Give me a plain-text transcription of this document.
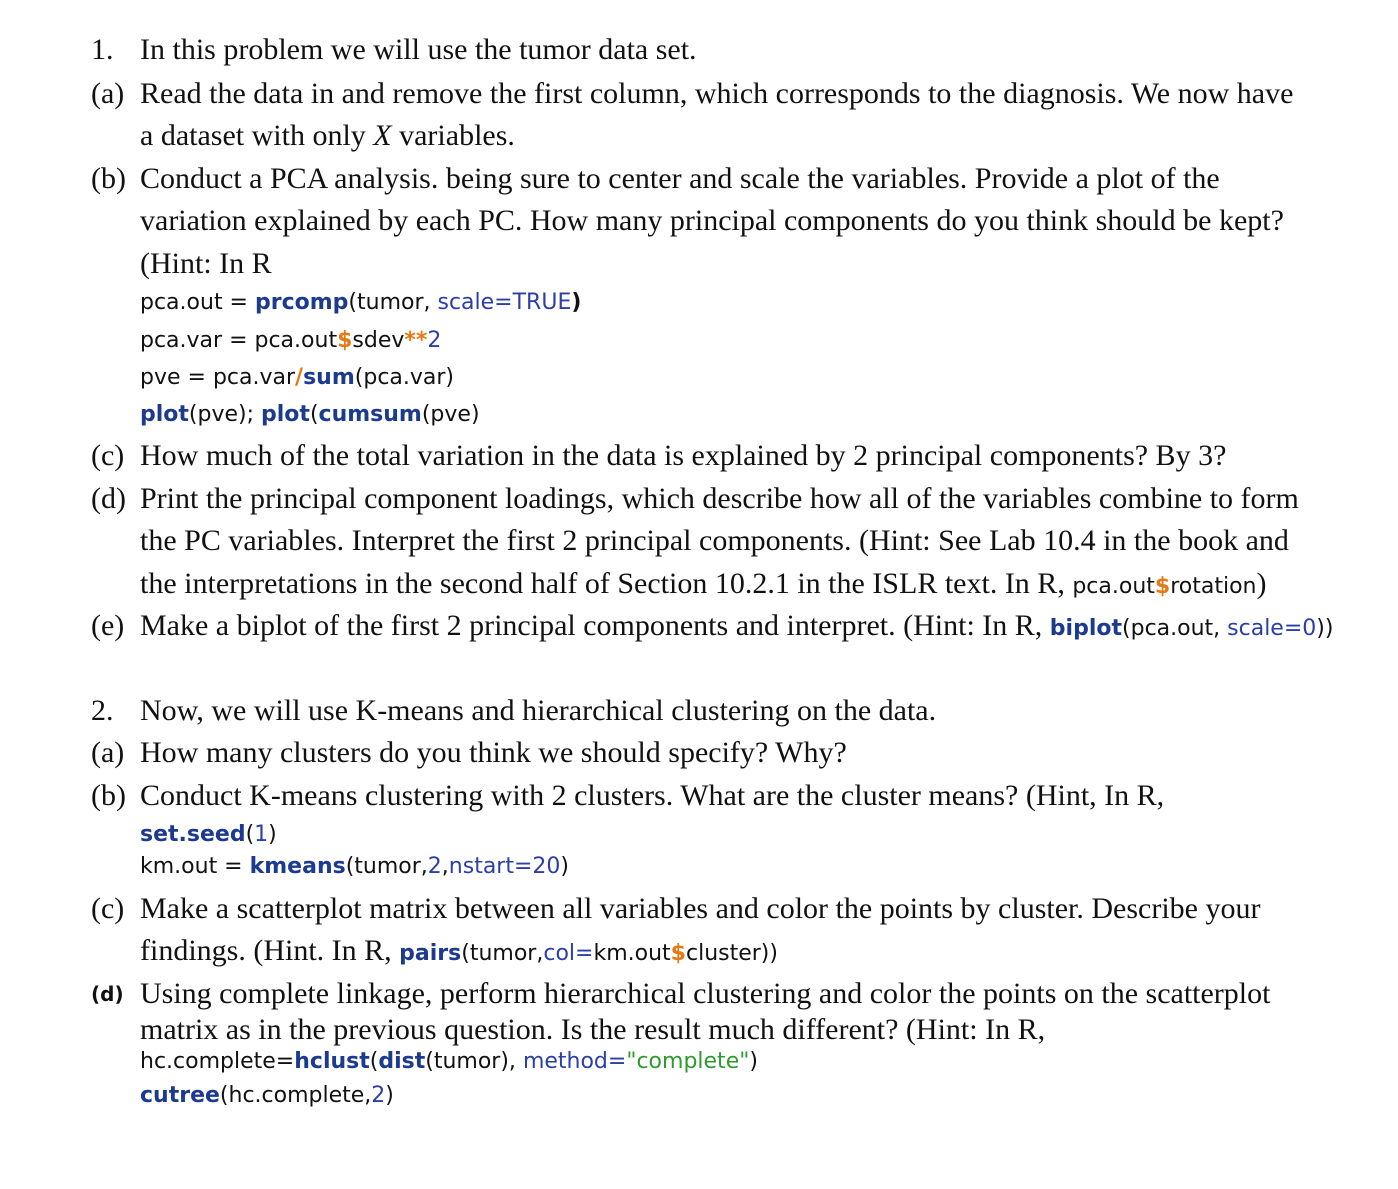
1. In this problem we will use the tumor data set.
(a) Read the data in and remove the first column, which corresponds to the diagnosis. We now have
a dataset with only X variables.
(b) Conduct a PCA analysis. being sure to center and scale the variables. Provide a plot of the
variation explained by each PC. How many principal components do you think should be kept?
(Hint: In R
pca.out = prcomp(tumor, scale=TRUE)
pca.var = pca.out$sdev**2
pve = pca.var/sum(pca.var)
plot(pve); plot(cumsum(pve)
(c) How much of the total variation in the data is explained by 2 principal components? By 3?
(d) Print the principal component loadings, which describe how all of the variables combine to form
the PC variables. Interpret the first 2 principal components. (Hint: See Lab 10.4 in the book and
the interpretations in the second half of Section 10.2.1 in the ISLR text. In R, pca.out$rotation)
(e) Make a biplot of the first 2 principal components and interpret. (Hint: In R, biplot(pca.out, scale=0))
2. Now, we will use K-means and hierarchical clustering on the data.
(a) How many clusters do you think we should specify? Why?
(b) Conduct K-means clustering with 2 clusters. What are the cluster means? (Hint, In R,
set.seed(1)
km.out = kmeans(tumor,2,nstart=20)
(c) Make a scatterplot matrix between all variables and color the points by cluster. Describe your
findings. (Hint. In R, pairs(tumor,col=km.out$cluster))
(d) Using complete linkage, perform hierarchical clustering and color the points on the scatterplot
matrix as in the previous question. Is the result much different? (Hint: In R,
hc.complete=hclust(dist(tumor), method="complete")
cutree(hc.complete,2)
